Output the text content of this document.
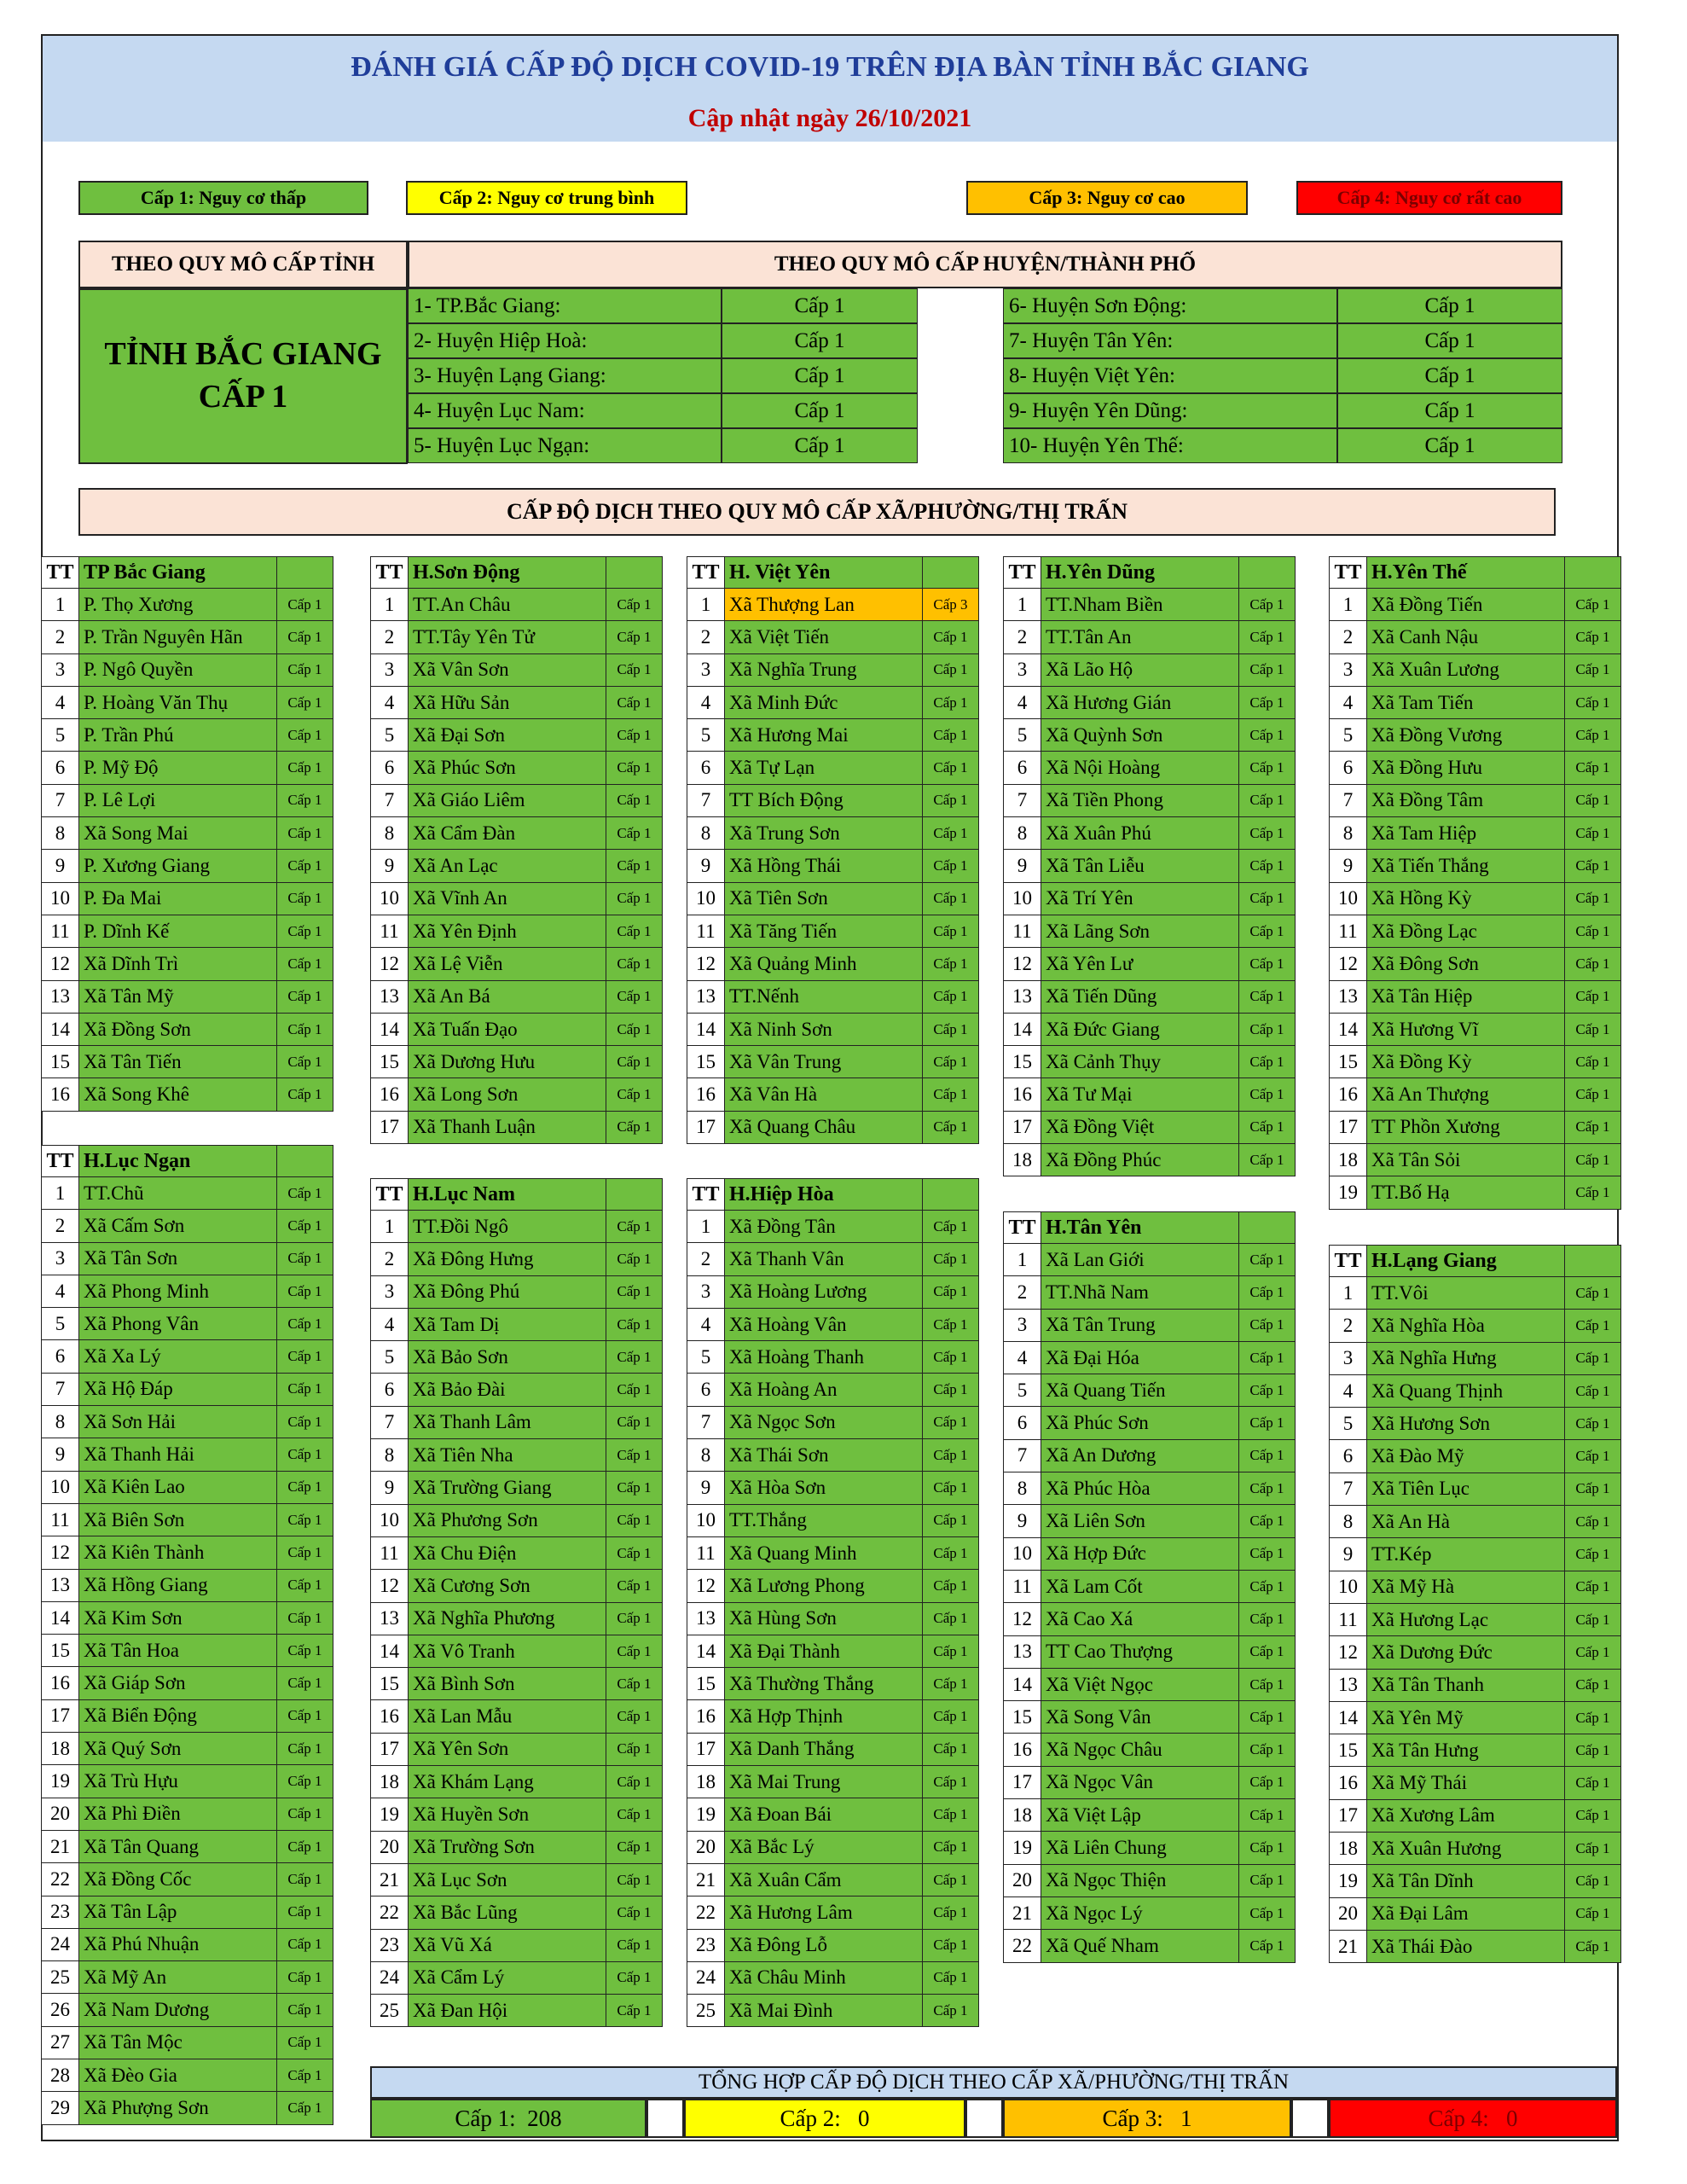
ĐÁNH GIÁ CẤP ĐỘ DỊCH COVID-19 TRÊN ĐỊA BÀN TỈNH BẮC GIANG
Cập nhật ngày 26/10/2021
Cấp 1: Nguy cơ thấp	Cấp 2: Nguy cơ trung bình	Cấp 3: Nguy cơ cao	Cấp 4: Nguy cơ rất cao
THEO QUY MÔ CẤP TỈNH	THEO QUY MÔ CẤP HUYỆN/THÀNH PHỐ
TỈNH BẮC GIANG
CẤP 1
1- TP.Bắc Giang:	Cấp 1
2- Huyện Hiệp Hoà:	Cấp 1
3- Huyện Lạng Giang:	Cấp 1
4- Huyện Lục Nam:	Cấp 1
5- Huyện Lục Ngạn:	Cấp 1
6- Huyện Sơn Động:	Cấp 1
7- Huyện Tân Yên:	Cấp 1
8- Huyện Việt Yên:	Cấp 1
9- Huyện Yên Dũng:	Cấp 1
10- Huyện Yên Thế:	Cấp 1
CẤP ĐỘ DỊCH THEO QUY MÔ CẤP XÃ/PHƯỜNG/THỊ TRẤN
TT	TP Bắc Giang	
1	P. Thọ Xương	Cấp 1
2	P. Trần Nguyên Hãn	Cấp 1
3	P. Ngô Quyền	Cấp 1
4	P. Hoàng Văn Thụ	Cấp 1
5	P. Trần Phú	Cấp 1
6	P. Mỹ Độ	Cấp 1
7	P. Lê Lợi	Cấp 1
8	Xã Song Mai	Cấp 1
9	P. Xương Giang	Cấp 1
10	P. Đa Mai	Cấp 1
11	P. Dĩnh Kế	Cấp 1
12	Xã Dĩnh Trì	Cấp 1
13	Xã Tân Mỹ	Cấp 1
14	Xã Đồng Sơn	Cấp 1
15	Xã Tân Tiến	Cấp 1
16	Xã Song Khê	Cấp 1
TT	H.Sơn Động	
1	TT.An Châu	Cấp 1
2	TT.Tây Yên Tử	Cấp 1
3	Xã Vân Sơn	Cấp 1
4	Xã Hữu Sản	Cấp 1
5	Xã Đại Sơn	Cấp 1
6	Xã Phúc Sơn	Cấp 1
7	Xã Giáo Liêm	Cấp 1
8	Xã Cẩm Đàn	Cấp 1
9	Xã An Lạc	Cấp 1
10	Xã Vĩnh An	Cấp 1
11	Xã Yên Định	Cấp 1
12	Xã Lệ Viễn	Cấp 1
13	Xã An Bá	Cấp 1
14	Xã Tuấn Đạo	Cấp 1
15	Xã Dương Hưu	Cấp 1
16	Xã Long Sơn	Cấp 1
17	Xã Thanh Luận	Cấp 1
TT	H. Việt Yên	
1	Xã Thượng Lan	Cấp 3
2	Xã Việt Tiến	Cấp 1
3	Xã Nghĩa Trung	Cấp 1
4	Xã Minh Đức	Cấp 1
5	Xã Hương Mai	Cấp 1
6	Xã Tự Lạn	Cấp 1
7	TT Bích Động	Cấp 1
8	Xã Trung Sơn	Cấp 1
9	Xã Hồng Thái	Cấp 1
10	Xã Tiên Sơn	Cấp 1
11	Xã Tăng Tiến	Cấp 1
12	Xã Quảng Minh	Cấp 1
13	TT.Nếnh	Cấp 1
14	Xã Ninh Sơn	Cấp 1
15	Xã Vân Trung	Cấp 1
16	Xã Vân Hà	Cấp 1
17	Xã Quang Châu	Cấp 1
TT	H.Yên Dũng	
1	TT.Nham Biền	Cấp 1
2	TT.Tân An	Cấp 1
3	Xã Lão Hộ	Cấp 1
4	Xã Hương Gián	Cấp 1
5	Xã Quỳnh Sơn	Cấp 1
6	Xã Nội Hoàng	Cấp 1
7	Xã Tiền Phong	Cấp 1
8	Xã Xuân Phú	Cấp 1
9	Xã Tân Liễu	Cấp 1
10	Xã Trí Yên	Cấp 1
11	Xã Lãng Sơn	Cấp 1
12	Xã Yên Lư	Cấp 1
13	Xã Tiến Dũng	Cấp 1
14	Xã Đức Giang	Cấp 1
15	Xã Cảnh Thụy	Cấp 1
16	Xã Tư Mại	Cấp 1
17	Xã Đồng Việt	Cấp 1
18	Xã Đồng Phúc	Cấp 1
TT	H.Yên Thế	
1	Xã Đồng Tiến	Cấp 1
2	Xã Canh Nậu	Cấp 1
3	Xã Xuân Lương	Cấp 1
4	Xã Tam Tiến	Cấp 1
5	Xã Đồng Vương	Cấp 1
6	Xã Đồng Hưu	Cấp 1
7	Xã Đồng Tâm	Cấp 1
8	Xã Tam Hiệp	Cấp 1
9	Xã Tiến Thắng	Cấp 1
10	Xã Hồng Kỳ	Cấp 1
11	Xã Đồng Lạc	Cấp 1
12	Xã Đông Sơn	Cấp 1
13	Xã Tân Hiệp	Cấp 1
14	Xã Hương Vĩ	Cấp 1
15	Xã Đồng Kỳ	Cấp 1
16	Xã An Thượng	Cấp 1
17	TT Phồn Xương	Cấp 1
18	Xã Tân Sỏi	Cấp 1
19	TT.Bố Hạ	Cấp 1
TT	H.Lục Ngạn	
1	TT.Chũ	Cấp 1
2	Xã Cấm Sơn	Cấp 1
3	Xã Tân Sơn	Cấp 1
4	Xã Phong Minh	Cấp 1
5	Xã Phong Vân	Cấp 1
6	Xã Xa Lý	Cấp 1
7	Xã Hộ Đáp	Cấp 1
8	Xã Sơn Hải	Cấp 1
9	Xã Thanh Hải	Cấp 1
10	Xã Kiên Lao	Cấp 1
11	Xã Biên Sơn	Cấp 1
12	Xã Kiên Thành	Cấp 1
13	Xã Hồng Giang	Cấp 1
14	Xã Kim Sơn	Cấp 1
15	Xã Tân Hoa	Cấp 1
16	Xã Giáp Sơn	Cấp 1
17	Xã Biển Động	Cấp 1
18	Xã Quý Sơn	Cấp 1
19	Xã Trù Hựu	Cấp 1
20	Xã Phì Điền	Cấp 1
21	Xã Tân Quang	Cấp 1
22	Xã Đồng Cốc	Cấp 1
23	Xã Tân Lập	Cấp 1
24	Xã Phú Nhuận	Cấp 1
25	Xã Mỹ An	Cấp 1
26	Xã Nam Dương	Cấp 1
27	Xã Tân Mộc	Cấp 1
28	Xã Đèo Gia	Cấp 1
29	Xã Phượng Sơn	Cấp 1
TT	H.Lục Nam	
1	TT.Đồi Ngô	Cấp 1
2	Xã Đông Hưng	Cấp 1
3	Xã Đông Phú	Cấp 1
4	Xã Tam Dị	Cấp 1
5	Xã Bảo Sơn	Cấp 1
6	Xã Bảo Đài	Cấp 1
7	Xã Thanh Lâm	Cấp 1
8	Xã Tiên Nha	Cấp 1
9	Xã Trường Giang	Cấp 1
10	Xã Phương Sơn	Cấp 1
11	Xã Chu Điện	Cấp 1
12	Xã Cương Sơn	Cấp 1
13	Xã Nghĩa Phương	Cấp 1
14	Xã Vô Tranh	Cấp 1
15	Xã Bình Sơn	Cấp 1
16	Xã Lan Mẫu	Cấp 1
17	Xã Yên Sơn	Cấp 1
18	Xã Khám Lạng	Cấp 1
19	Xã Huyền Sơn	Cấp 1
20	Xã Trường Sơn	Cấp 1
21	Xã Lục Sơn	Cấp 1
22	Xã Bắc Lũng	Cấp 1
23	Xã Vũ Xá	Cấp 1
24	Xã Cẩm Lý	Cấp 1
25	Xã Đan Hội	Cấp 1
TT	H.Hiệp Hòa	
1	Xã Đồng Tân	Cấp 1
2	Xã Thanh Vân	Cấp 1
3	Xã Hoàng Lương	Cấp 1
4	Xã Hoàng Vân	Cấp 1
5	Xã Hoàng Thanh	Cấp 1
6	Xã Hoàng An	Cấp 1
7	Xã Ngọc Sơn	Cấp 1
8	Xã Thái Sơn	Cấp 1
9	Xã Hòa Sơn	Cấp 1
10	TT.Thắng	Cấp 1
11	Xã Quang Minh	Cấp 1
12	Xã Lương Phong	Cấp 1
13	Xã Hùng Sơn	Cấp 1
14	Xã Đại Thành	Cấp 1
15	Xã Thường Thắng	Cấp 1
16	Xã Hợp Thịnh	Cấp 1
17	Xã Danh Thắng	Cấp 1
18	Xã Mai Trung	Cấp 1
19	Xã Đoan Bái	Cấp 1
20	Xã Bắc Lý	Cấp 1
21	Xã Xuân Cẩm	Cấp 1
22	Xã Hương Lâm	Cấp 1
23	Xã Đông Lỗ	Cấp 1
24	Xã Châu Minh	Cấp 1
25	Xã Mai Đình	Cấp 1
TT	H.Tân Yên	
1	Xã Lan Giới	Cấp 1
2	TT.Nhã Nam	Cấp 1
3	Xã Tân Trung	Cấp 1
4	Xã Đại Hóa	Cấp 1
5	Xã Quang Tiến	Cấp 1
6	Xã Phúc Sơn	Cấp 1
7	Xã An Dương	Cấp 1
8	Xã Phúc Hòa	Cấp 1
9	Xã Liên Sơn	Cấp 1
10	Xã Hợp Đức	Cấp 1
11	Xã Lam Cốt	Cấp 1
12	Xã Cao Xá	Cấp 1
13	TT Cao Thượng	Cấp 1
14	Xã Việt Ngọc	Cấp 1
15	Xã Song Vân	Cấp 1
16	Xã Ngọc Châu	Cấp 1
17	Xã Ngọc Vân	Cấp 1
18	Xã Việt Lập	Cấp 1
19	Xã Liên Chung	Cấp 1
20	Xã Ngọc Thiện	Cấp 1
21	Xã Ngọc Lý	Cấp 1
22	Xã Quế Nham	Cấp 1
TT	H.Lạng Giang	
1	TT.Vôi	Cấp 1
2	Xã Nghĩa Hòa	Cấp 1
3	Xã Nghĩa Hưng	Cấp 1
4	Xã Quang Thịnh	Cấp 1
5	Xã Hương Sơn	Cấp 1
6	Xã Đào Mỹ	Cấp 1
7	Xã Tiên Lục	Cấp 1
8	Xã An Hà	Cấp 1
9	TT.Kép	Cấp 1
10	Xã Mỹ Hà	Cấp 1
11	Xã Hương Lạc	Cấp 1
12	Xã Dương Đức	Cấp 1
13	Xã Tân Thanh	Cấp 1
14	Xã Yên Mỹ	Cấp 1
15	Xã Tân Hưng	Cấp 1
16	Xã Mỹ Thái	Cấp 1
17	Xã Xương Lâm	Cấp 1
18	Xã Xuân Hương	Cấp 1
19	Xã Tân Dĩnh	Cấp 1
20	Xã Đại Lâm	Cấp 1
21	Xã Thái Đào	Cấp 1
TỔNG HỢP CẤP ĐỘ DỊCH THEO CẤP XÃ/PHƯỜNG/THỊ TRẤN
Cấp 1: 208	Cấp 2: 0	Cấp 3: 1	Cấp 4: 0
